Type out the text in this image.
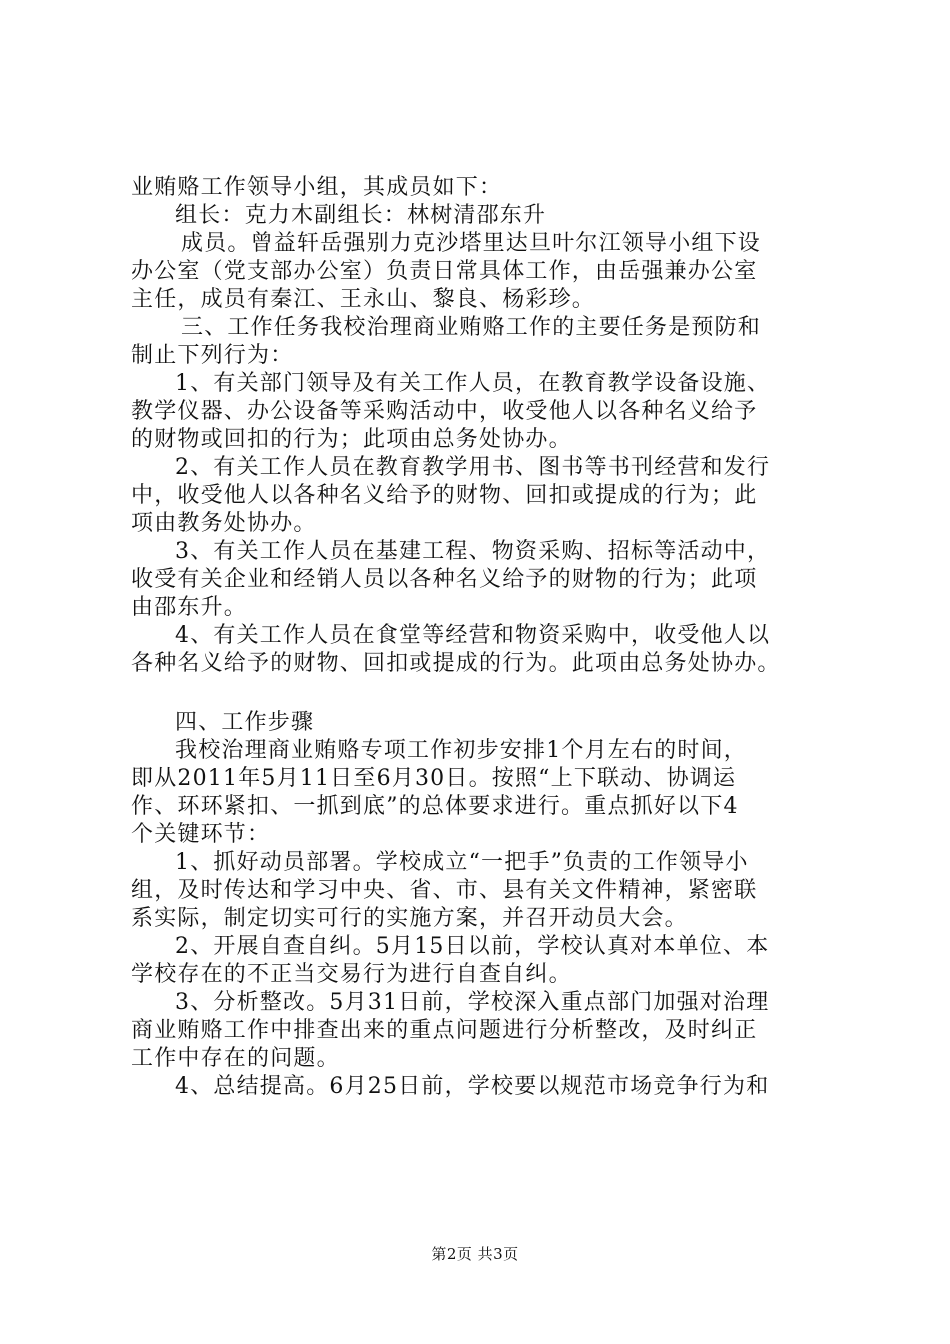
业贿赂工作领导小组，其成员如下：
组长：克力木副组长：林树清邵东升
成员。曾益轩岳强别力克沙塔里达旦叶尔江领导小组下设
办公室（党支部办公室）负责日常具体工作，由岳强兼办公室
主任，成员有秦江、王永山、黎良、杨彩珍。
三、工作任务我校治理商业贿赂工作的主要任务是预防和
制止下列行为：
1、有关部门领导及有关工作人员，在教育教学设备设施、
教学仪器、办公设备等采购活动中，收受他人以各种名义给予
的财物或回扣的行为；此项由总务处协办。
2、有关工作人员在教育教学用书、图书等书刊经营和发行
中，收受他人以各种名义给予的财物、回扣或提成的行为；此
项由教务处协办。
3、有关工作人员在基建工程、物资采购、招标等活动中，
收受有关企业和经销人员以各种名义给予的财物的行为；此项
由邵东升。
4、有关工作人员在食堂等经营和物资采购中，收受他人以
各种名义给予的财物、回扣或提成的行为。此项由总务处协办。
四、工作步骤
我校治理商业贿赂专项工作初步安排1个月左右的时间，
即从2011年5月11日至6月30日。按照“上下联动、协调运
作、环环紧扣、一抓到底”的总体要求进行。重点抓好以下4
个关键环节：
1、抓好动员部署。学校成立“一把手”负责的工作领导小
组，及时传达和学习中央、省、市、县有关文件精神，紧密联
系实际，制定切实可行的实施方案，并召开动员大会。
2、开展自查自纠。5月15日以前，学校认真对本单位、本
学校存在的不正当交易行为进行自查自纠。
3、分析整改。5月31日前，学校深入重点部门加强对治理
商业贿赂工作中排查出来的重点问题进行分析整改，及时纠正
工作中存在的问题。
4、总结提高。6月25日前，学校要以规范市场竞争行为和
第2页 共3页
